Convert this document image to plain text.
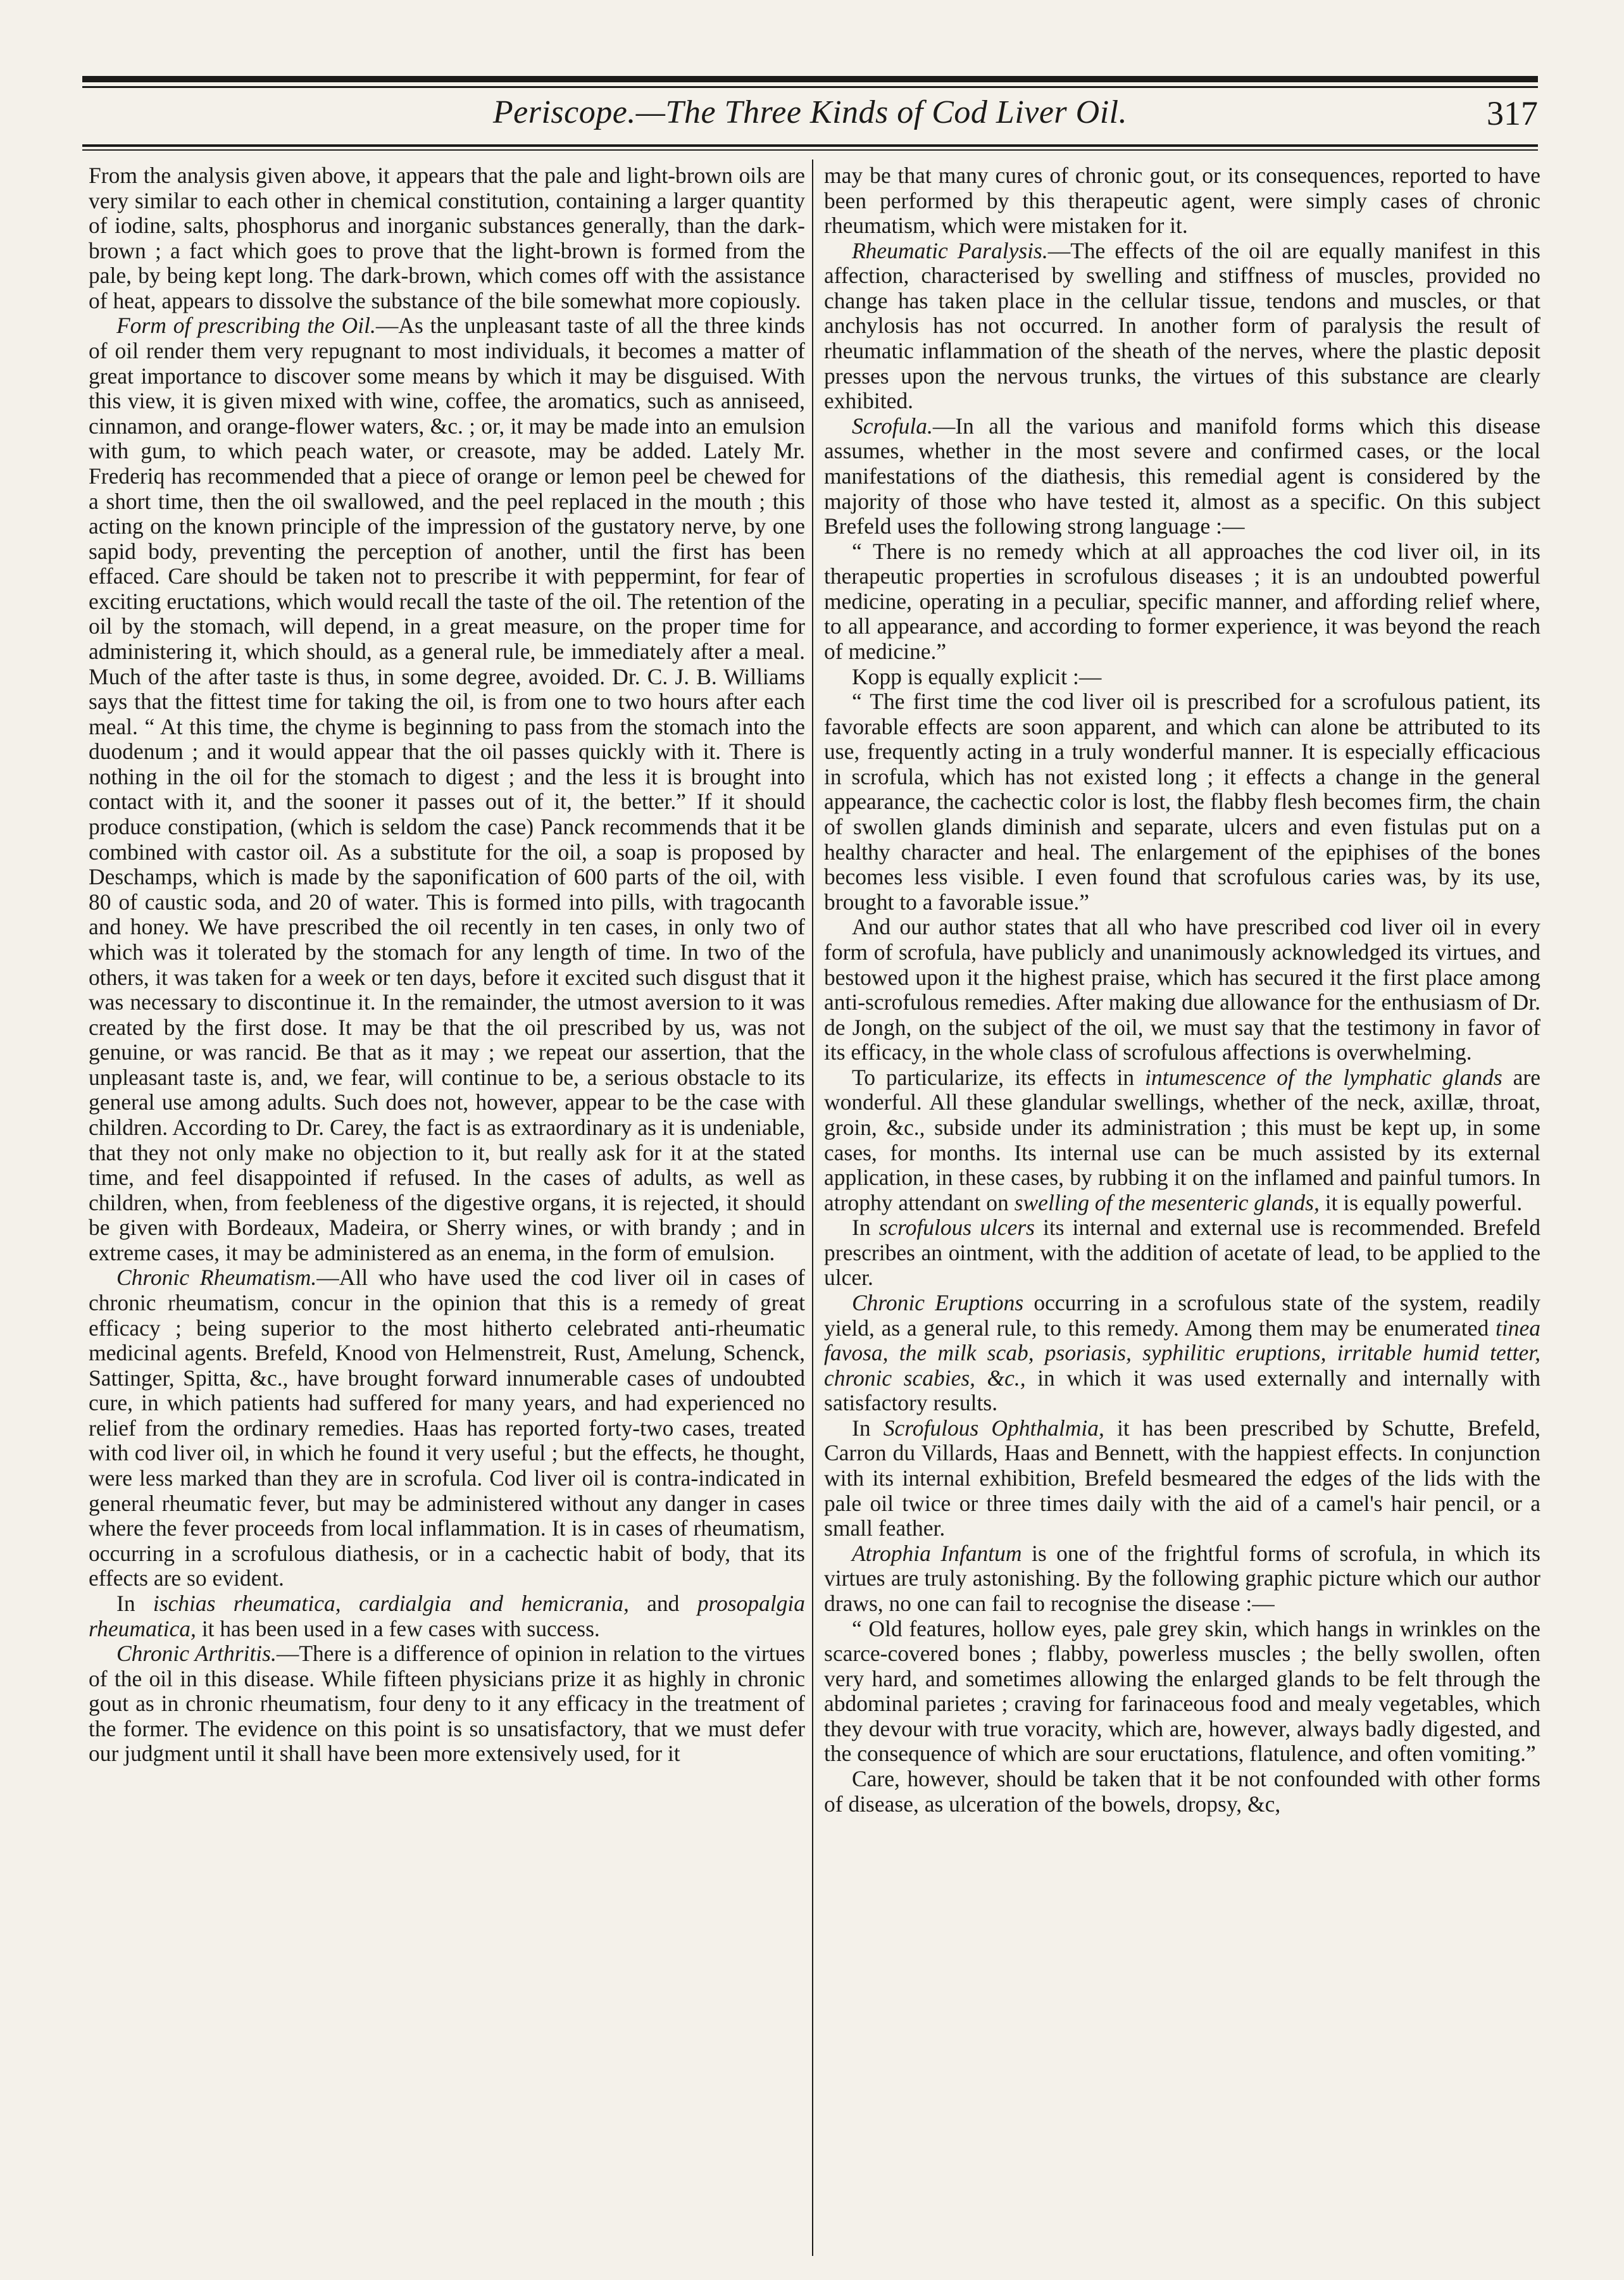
Periscope.—The Three Kinds of Cod Liver Oil.	317

From the analysis given above, it appears that the pale and light-brown oils are very similar to each other in chemical constitution, containing a larger quantity of iodine, salts, phosphorus and inorganic substances generally, than the dark-brown ; a fact which goes to prove that the light-brown is formed from the pale, by being kept long. The dark-brown, which comes off with the assistance of heat, appears to dissolve the substance of the bile somewhat more copiously.

Form of prescribing the Oil.—As the unpleasant taste of all the three kinds of oil render them very repugnant to most individuals, it becomes a matter of great importance to discover some means by which it may be disguised. With this view, it is given mixed with wine, coffee, the aromatics, such as anniseed, cinnamon, and orange-flower waters, &c. ; or, it may be made into an emulsion with gum, to which peach water, or creasote, may be added. Lately Mr. Frederiq has recommended that a piece of orange or lemon peel be chewed for a short time, then the oil swallowed, and the peel replaced in the mouth ; this acting on the known principle of the impression of the gustatory nerve, by one sapid body, preventing the perception of another, until the first has been effaced. Care should be taken not to prescribe it with peppermint, for fear of exciting eructations, which would recall the taste of the oil. The retention of the oil by the stomach, will depend, in a great measure, on the proper time for administering it, which should, as a general rule, be immediately after a meal. Much of the after taste is thus, in some degree, avoided. Dr. C. J. B. Williams says that the fittest time for taking the oil, is from one to two hours after each meal. “ At this time, the chyme is beginning to pass from the stomach into the duodenum ; and it would appear that the oil passes quickly with it. There is nothing in the oil for the stomach to digest ; and the less it is brought into contact with it, and the sooner it passes out of it, the better.” If it should produce constipation, (which is seldom the case) Panck recommends that it be combined with castor oil. As a substitute for the oil, a soap is proposed by Deschamps, which is made by the saponification of 600 parts of the oil, with 80 of caustic soda, and 20 of water. This is formed into pills, with tragocanth and honey. We have prescribed the oil recently in ten cases, in only two of which was it tolerated by the stomach for any length of time. In two of the others, it was taken for a week or ten days, before it excited such disgust that it was necessary to discontinue it. In the remainder, the utmost aversion to it was created by the first dose. It may be that the oil prescribed by us, was not genuine, or was rancid. Be that as it may ; we repeat our assertion, that the unpleasant taste is, and, we fear, will continue to be, a serious obstacle to its general use among adults. Such does not, however, appear to be the case with children. According to Dr. Carey, the fact is as extraordinary as it is undeniable, that they not only make no objection to it, but really ask for it at the stated time, and feel disappointed if refused. In the cases of adults, as well as children, when, from feebleness of the digestive organs, it is rejected, it should be given with Bordeaux, Madeira, or Sherry wines, or with brandy ; and in extreme cases, it may be administered as an enema, in the form of emulsion.

Chronic Rheumatism.—All who have used the cod liver oil in cases of chronic rheumatism, concur in the opinion that this is a remedy of great efficacy ; being superior to the most hitherto celebrated anti-rheumatic medicinal agents. Brefeld, Knood von Helmenstreit, Rust, Amelung, Schenck, Sattinger, Spitta, &c., have brought forward innumerable cases of undoubted cure, in which patients had suffered for many years, and had experienced no relief from the ordinary remedies. Haas has reported forty-two cases, treated with cod liver oil, in which he found it very useful ; but the effects, he thought, were less marked than they are in scrofula. Cod liver oil is contra-indicated in general rheumatic fever, but may be administered without any danger in cases where the fever proceeds from local inflammation. It is in cases of rheumatism, occurring in a scrofulous diathesis, or in a cachectic habit of body, that its effects are so evident.

In ischias rheumatica, cardialgia and hemicrania, and prosopalgia rheumatica, it has been used in a few cases with success.

Chronic Arthritis.—There is a difference of opinion in relation to the virtues of the oil in this disease. While fifteen physicians prize it as highly in chronic gout as in chronic rheumatism, four deny to it any efficacy in the treatment of the former. The evidence on this point is so unsatisfactory, that we must defer our judgment until it shall have been more extensively used, for it

may be that many cures of chronic gout, or its consequences, reported to have been performed by this therapeutic agent, were simply cases of chronic rheumatism, which were mistaken for it.

Rheumatic Paralysis.—The effects of the oil are equally manifest in this affection, characterised by swelling and stiffness of muscles, provided no change has taken place in the cellular tissue, tendons and muscles, or that anchylosis has not occurred. In another form of paralysis the result of rheumatic inflammation of the sheath of the nerves, where the plastic deposit presses upon the nervous trunks, the virtues of this substance are clearly exhibited.

Scrofula.—In all the various and manifold forms which this disease assumes, whether in the most severe and confirmed cases, or the local manifestations of the diathesis, this remedial agent is considered by the majority of those who have tested it, almost as a specific. On this subject Brefeld uses the following strong language :—

“ There is no remedy which at all approaches the cod liver oil, in its therapeutic properties in scrofulous diseases ; it is an undoubted powerful medicine, operating in a peculiar, specific manner, and affording relief where, to all appearance, and according to former experience, it was beyond the reach of medicine.”

Kopp is equally explicit :—

“ The first time the cod liver oil is prescribed for a scrofulous patient, its favorable effects are soon apparent, and which can alone be attributed to its use, frequently acting in a truly wonderful manner. It is especially efficacious in scrofula, which has not existed long ; it effects a change in the general appearance, the cachectic color is lost, the flabby flesh becomes firm, the chain of swollen glands diminish and separate, ulcers and even fistulas put on a healthy character and heal. The enlargement of the epiphises of the bones becomes less visible. I even found that scrofulous caries was, by its use, brought to a favorable issue.”

And our author states that all who have prescribed cod liver oil in every form of scrofula, have publicly and unanimously acknowledged its virtues, and bestowed upon it the highest praise, which has secured it the first place among anti-scrofulous remedies. After making due allowance for the enthusiasm of Dr. de Jongh, on the subject of the oil, we must say that the testimony in favor of its efficacy, in the whole class of scrofulous affections is overwhelming.

To particularize, its effects in intumescence of the lymphatic glands are wonderful. All these glandular swellings, whether of the neck, axillæ, throat, groin, &c., subside under its administration ; this must be kept up, in some cases, for months. Its internal use can be much assisted by its external application, in these cases, by rubbing it on the inflamed and painful tumors. In atrophy attendant on swelling of the mesenteric glands, it is equally powerful.

In scrofulous ulcers its internal and external use is recommended. Brefeld prescribes an ointment, with the addition of acetate of lead, to be applied to the ulcer.

Chronic Eruptions occurring in a scrofulous state of the system, readily yield, as a general rule, to this remedy. Among them may be enumerated tinea favosa, the milk scab, psoriasis, syphilitic eruptions, irritable humid tetter, chronic scabies, &c., in which it was used externally and internally with satisfactory results.

In Scrofulous Ophthalmia, it has been prescribed by Schutte, Brefeld, Carron du Villards, Haas and Bennett, with the happiest effects. In conjunction with its internal exhibition, Brefeld besmeared the edges of the lids with the pale oil twice or three times daily with the aid of a camel's hair pencil, or a small feather.

Atrophia Infantum is one of the frightful forms of scrofula, in which its virtues are truly astonishing. By the following graphic picture which our author draws, no one can fail to recognise the disease :—

“ Old features, hollow eyes, pale grey skin, which hangs in wrinkles on the scarce-covered bones ; flabby, powerless muscles ; the belly swollen, often very hard, and sometimes allowing the enlarged glands to be felt through the abdominal parietes ; craving for farinaceous food and mealy vegetables, which they devour with true voracity, which are, however, always badly digested, and the consequence of which are sour eructations, flatulence, and often vomiting.”

Care, however, should be taken that it be not confounded with other forms of disease, as ulceration of the bowels, dropsy, &c,
